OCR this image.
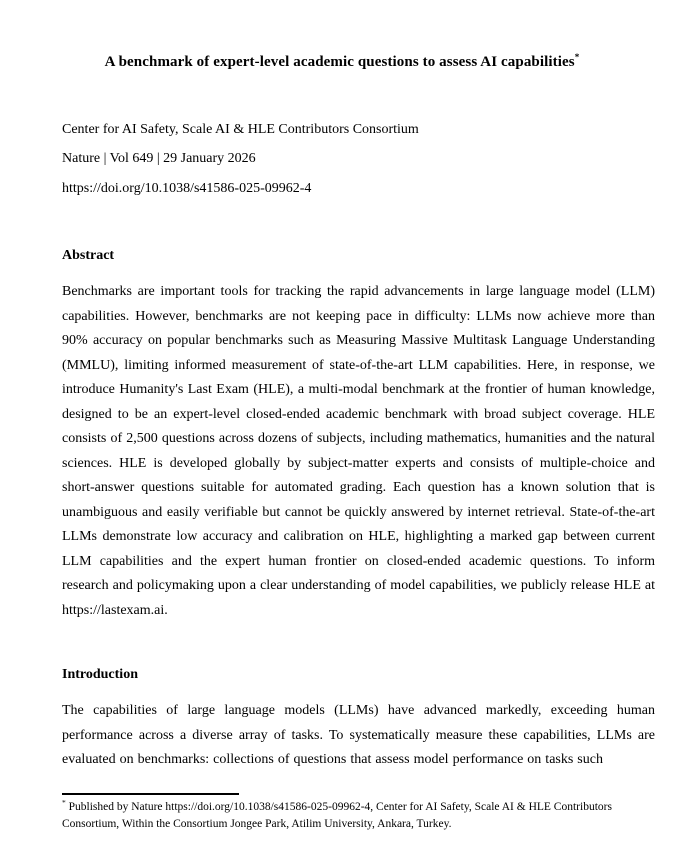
A benchmark of expert-level academic questions to assess AI capabilities*

Center for AI Safety, Scale AI & HLE Contributors Consortium

Nature | Vol 649 | 29 January 2026

https://doi.org/10.1038/s41586-025-09962-4

Abstract

Benchmarks are important tools for tracking the rapid advancements in large language model (LLM) capabilities. However, benchmarks are not keeping pace in difficulty: LLMs now achieve more than 90% accuracy on popular benchmarks such as Measuring Massive Multitask Language Understanding (MMLU), limiting informed measurement of state-of-the-art LLM capabilities. Here, in response, we introduce Humanity's Last Exam (HLE), a multi-modal benchmark at the frontier of human knowledge, designed to be an expert-level closed-ended academic benchmark with broad subject coverage. HLE consists of 2,500 questions across dozens of subjects, including mathematics, humanities and the natural sciences. HLE is developed globally by subject-matter experts and consists of multiple-choice and short-answer questions suitable for automated grading. Each question has a known solution that is unambiguous and easily verifiable but cannot be quickly answered by internet retrieval. State-of-the-art LLMs demonstrate low accuracy and calibration on HLE, highlighting a marked gap between current LLM capabilities and the expert human frontier on closed-ended academic questions. To inform research and policymaking upon a clear understanding of model capabilities, we publicly release HLE at https://lastexam.ai.

Introduction

The capabilities of large language models (LLMs) have advanced markedly, exceeding human performance across a diverse array of tasks. To systematically measure these capabilities, LLMs are evaluated on benchmarks: collections of questions that assess model performance on tasks such

* Published by Nature https://doi.org/10.1038/s41586-025-09962-4, Center for AI Safety, Scale AI & HLE Contributors Consortium, Within the Consortium Jongee Park, Atilim University, Ankara, Turkey.
